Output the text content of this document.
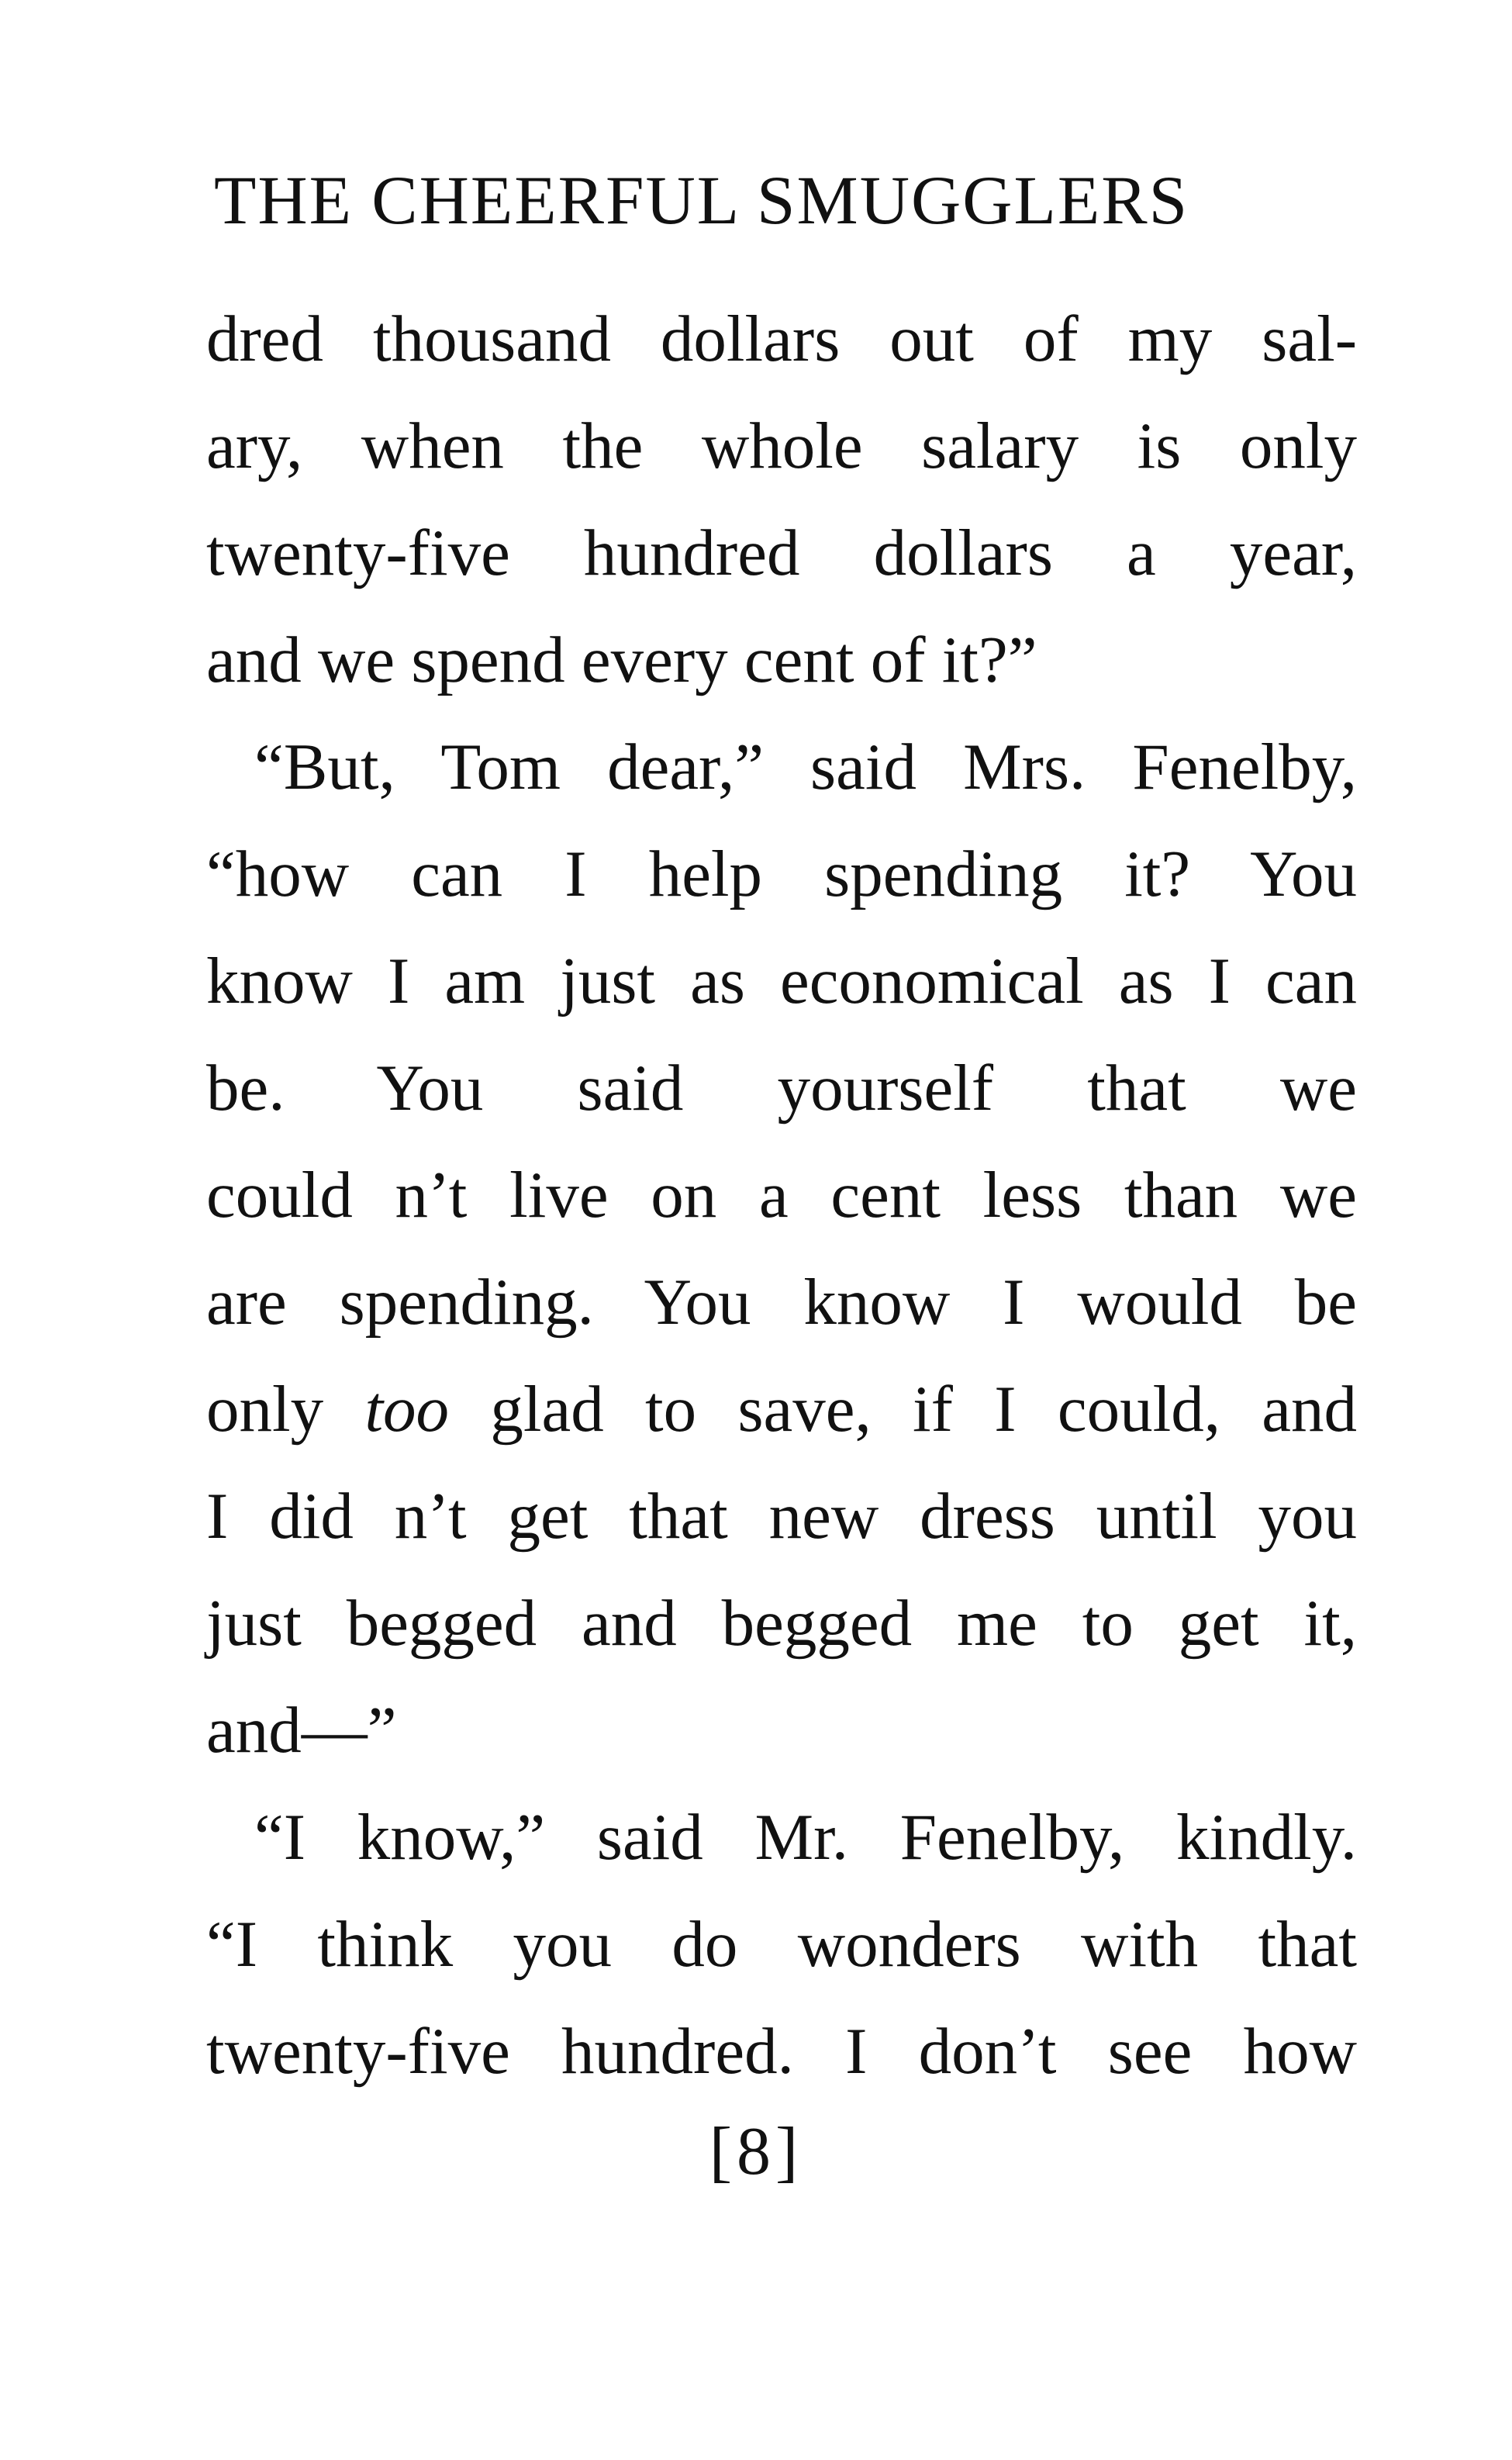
THE CHEERFUL SMUGGLERS
dred thousand dollars out of my sal-
ary, when the whole salary is only
twenty-five hundred dollars a year,
and we spend every cent of it?”
“But, Tom dear,” said Mrs. Fenelby,
“how can I help spending it? You
know I am just as economical as I can
be. You said yourself that we
could n’t live on a cent less than we
are spending. You know I would be
only too glad to save, if I could, and
I did n’t get that new dress until you
just begged and begged me to get it,
and—”
“I know,” said Mr. Fenelby, kindly.
“I think you do wonders with that
twenty-five hundred. I don’t see how
[8]
